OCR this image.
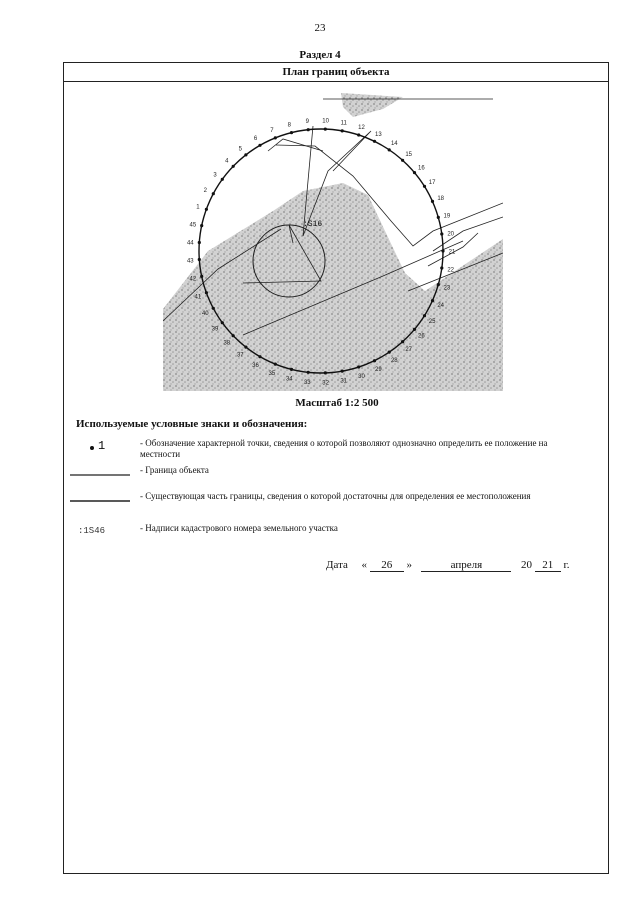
23
Раздел 4
План границ объекта
1
2
3
4
5
6
7
8
9 10 11
12
13
14
15
16
17
18
19
20
21
22
23
24
25
26
27
28
29
30
31
32
33
34
35
36
37
38
39
40
41
42
43
44
45	:S16
Масштаб 1:2 500
Используемые условные знаки и обозначения:
1	- Обозначение характерной точки, сведения о которой позволяют однозначно определить ее положение на местности
- Граница объекта
- Существующая часть границы, сведения о которой достаточны для определения ее местоположения
:1S46	- Надписи кадастрового номера земельного участка
Дата « 26 »	апреля	20 21 г.
